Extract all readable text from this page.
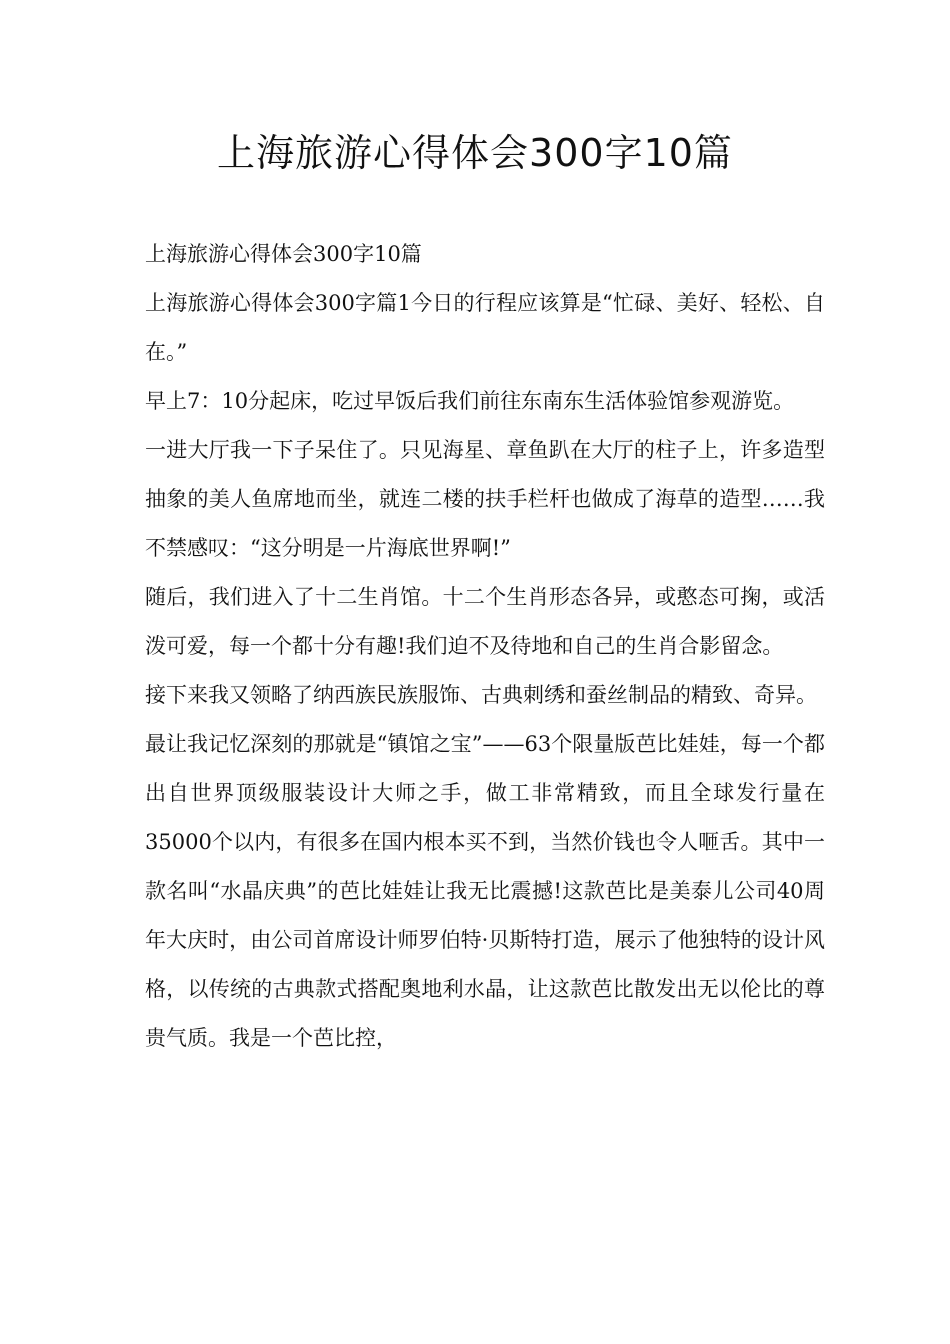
上海旅游心得体会300字10篇

上海旅游心得体会300字10篇

上海旅游心得体会300字篇1今日的行程应该算是“忙碌、美好、轻松、自在。”

早上7：10分起床，吃过早饭后我们前往东南东生活体验馆参观游览。

一进大厅我一下子呆住了。只见海星、章鱼趴在大厅的柱子上，许多造型抽象的美人鱼席地而坐，就连二楼的扶手栏杆也做成了海草的造型……我不禁感叹：“这分明是一片海底世界啊!”

随后，我们进入了十二生肖馆。十二个生肖形态各异，或憨态可掬，或活泼可爱，每一个都十分有趣!我们迫不及待地和自己的生肖合影留念。

接下来我又领略了纳西族民族服饰、古典刺绣和蚕丝制品的精致、奇异。

最让我记忆深刻的那就是“镇馆之宝”——63个限量版芭比娃娃，每一个都出自世界顶级服装设计大师之手，做工非常精致，而且全球发行量在35000个以内，有很多在国内根本买不到，当然价钱也令人咂舌。其中一款名叫“水晶庆典”的芭比娃娃让我无比震撼!这款芭比是美泰儿公司40周年大庆时，由公司首席设计师罗伯特·贝斯特打造，展示了他独特的设计风格，以传统的古典款式搭配奥地利水晶，让这款芭比散发出无以伦比的尊贵气质。我是一个芭比控，
